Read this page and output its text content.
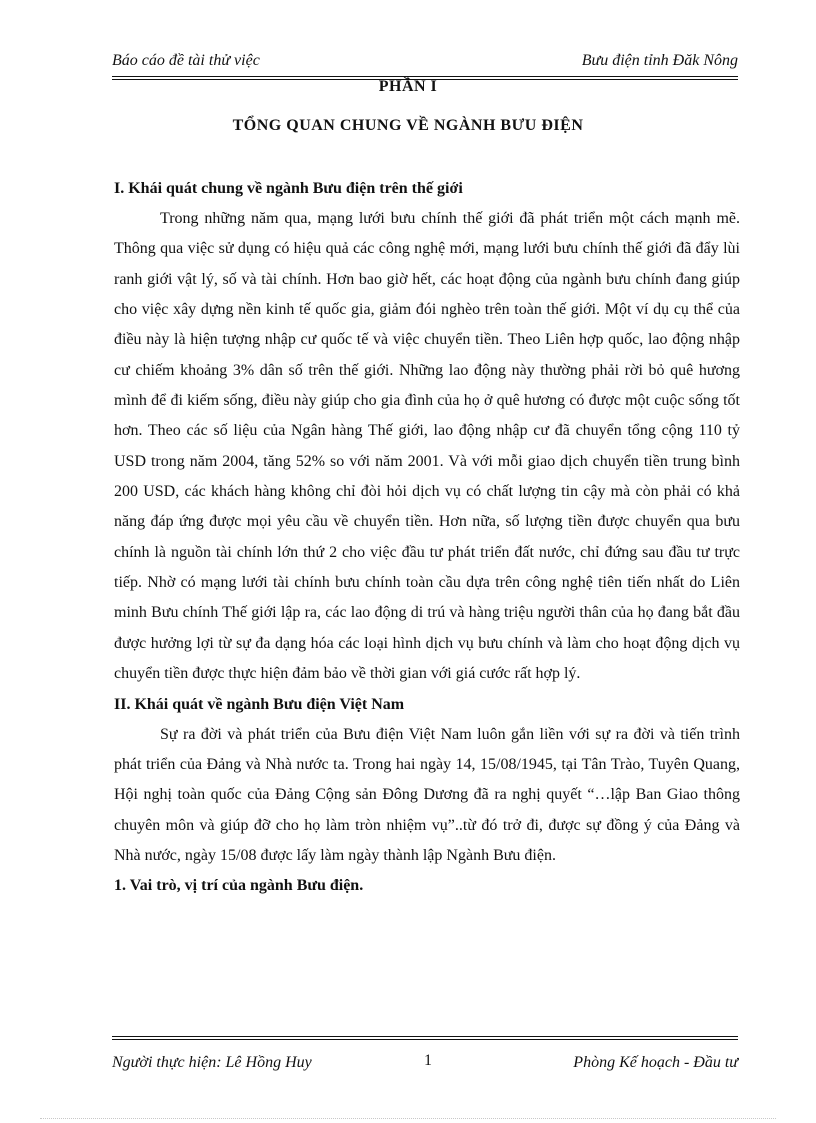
Báo cáo đề tài thử việc	Bưu điện tỉnh Đăk Nông
PHẦN I
TỔNG QUAN CHUNG VỀ NGÀNH BƯU ĐIỆN

I. Khái quát chung về ngành Bưu điện trên thế giới

Trong những năm qua, mạng lưới bưu chính thế giới đã phát triển một cách mạnh mẽ. Thông qua việc sử dụng có hiệu quả các công nghệ mới, mạng lưới bưu chính thế giới đã đẩy lùi ranh giới vật lý, số và tài chính. Hơn bao giờ hết, các hoạt động của ngành bưu chính đang giúp cho việc xây dựng nền kinh tế quốc gia, giảm đói nghèo trên toàn thế giới. Một ví dụ cụ thể của điều này là hiện tượng nhập cư quốc tế và việc chuyển tiền. Theo Liên hợp quốc, lao động nhập cư chiếm khoảng 3% dân số trên thế giới. Những lao động này thường phải rời bỏ quê hương mình để đi kiếm sống, điều này giúp cho gia đình của họ ở quê hương có được một cuộc sống tốt hơn. Theo các số liệu của Ngân hàng Thế giới, lao động nhập cư đã chuyển tổng cộng 110 tỷ USD trong năm 2004, tăng 52% so với năm 2001. Và với mỗi giao dịch chuyển tiền trung bình 200 USD, các khách hàng không chỉ đòi hỏi dịch vụ có chất lượng tin cậy mà còn phải có khả năng đáp ứng được mọi yêu cầu về chuyển tiền. Hơn nữa, số lượng tiền được chuyển qua bưu chính là nguồn tài chính lớn thứ 2 cho việc đầu tư phát triển đất nước, chỉ đứng sau đầu tư trực tiếp. Nhờ có mạng lưới tài chính bưu chính toàn cầu dựa trên công nghệ tiên tiến nhất do Liên minh Bưu chính Thế giới lập ra, các lao động di trú và hàng triệu người thân của họ đang bắt đầu được hưởng lợi từ sự đa dạng hóa các loại hình dịch vụ bưu chính và làm cho hoạt động dịch vụ chuyển tiền được thực hiện đảm bảo về thời gian với giá cước rất hợp lý.

II. Khái quát về ngành Bưu điện Việt Nam

Sự ra đời và phát triển của Bưu điện Việt Nam luôn gắn liền với sự ra đời và tiến trình phát triển của Đảng và Nhà nước ta. Trong hai ngày 14, 15/08/1945, tại Tân Trào, Tuyên Quang, Hội nghị toàn quốc của Đảng Cộng sản Đông Dương đã ra nghị quyết “…lập Ban Giao thông chuyên môn và giúp đỡ cho họ làm tròn nhiệm vụ”..từ đó trở đi, được sự đồng ý của Đảng và Nhà nước, ngày 15/08 được lấy làm ngày thành lập Ngành Bưu điện.

1. Vai trò, vị trí của ngành Bưu điện.

Người thực hiện: Lê Hồng Huy	1	Phòng Kế hoạch - Đầu tư
